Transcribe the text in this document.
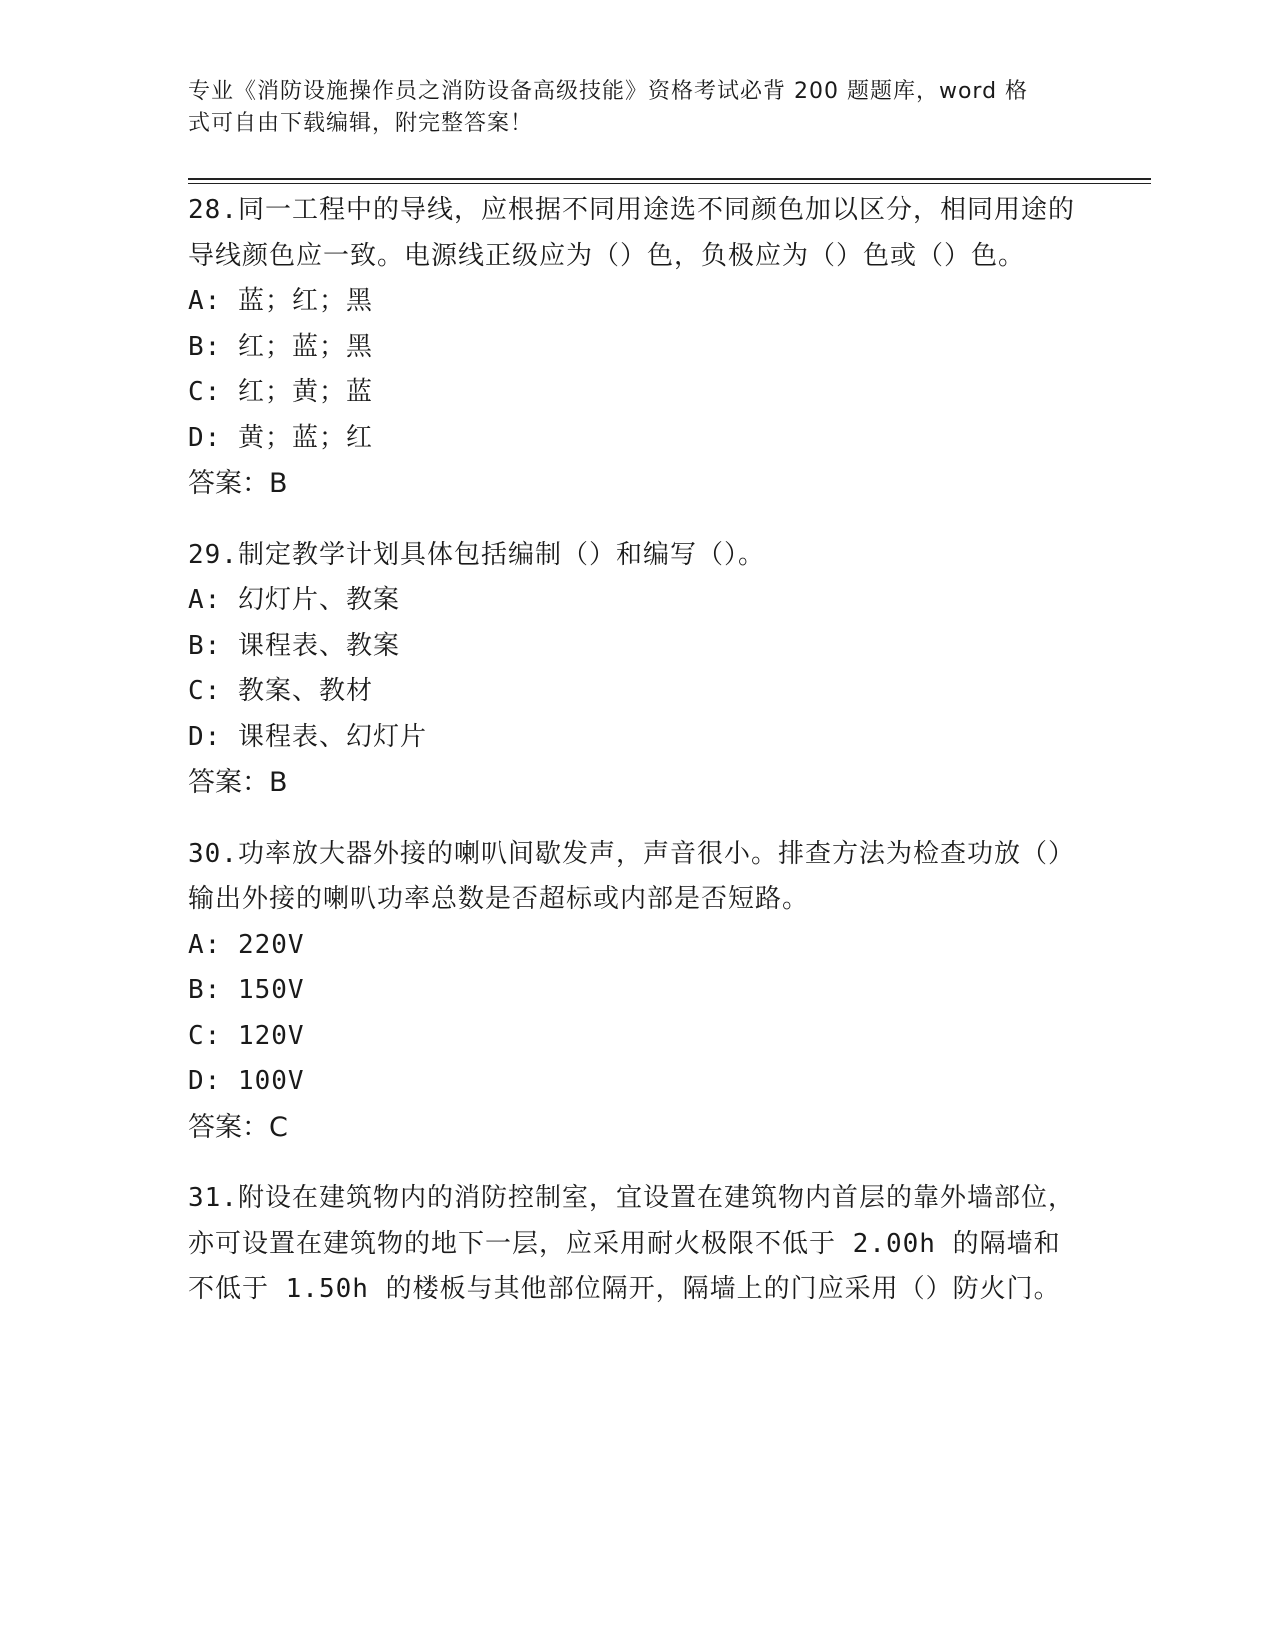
专业《消防设施操作员之消防设备高级技能》资格考试必背 200 题题库，word 格
式可自由下载编辑，附完整答案！

28.同一工程中的导线，应根据不同用途选不同颜色加以区分，相同用途的导线颜色应一致。电源线正级应为（）色，负极应为（）色或（）色。

A: 蓝；红；黑
B: 红；蓝；黑
C: 红；黄；蓝
D: 黄；蓝；红

答案：B

29.制定教学计划具体包括编制（）和编写（）。

A: 幻灯片、教案
B: 课程表、教案
C: 教案、教材
D: 课程表、幻灯片

答案：B

30.功率放大器外接的喇叭间歇发声，声音很小。排查方法为检查功放（）输出外接的喇叭功率总数是否超标或内部是否短路。

A: 220V
B: 150V
C: 120V
D: 100V

答案：C

31.附设在建筑物内的消防控制室，宜设置在建筑物内首层的靠外墙部位，亦可设置在建筑物的地下一层，应采用耐火极限不低于 2.00h 的隔墙和不低于 1.50h 的楼板与其他部位隔开，隔墙上的门应采用（）防火门。
